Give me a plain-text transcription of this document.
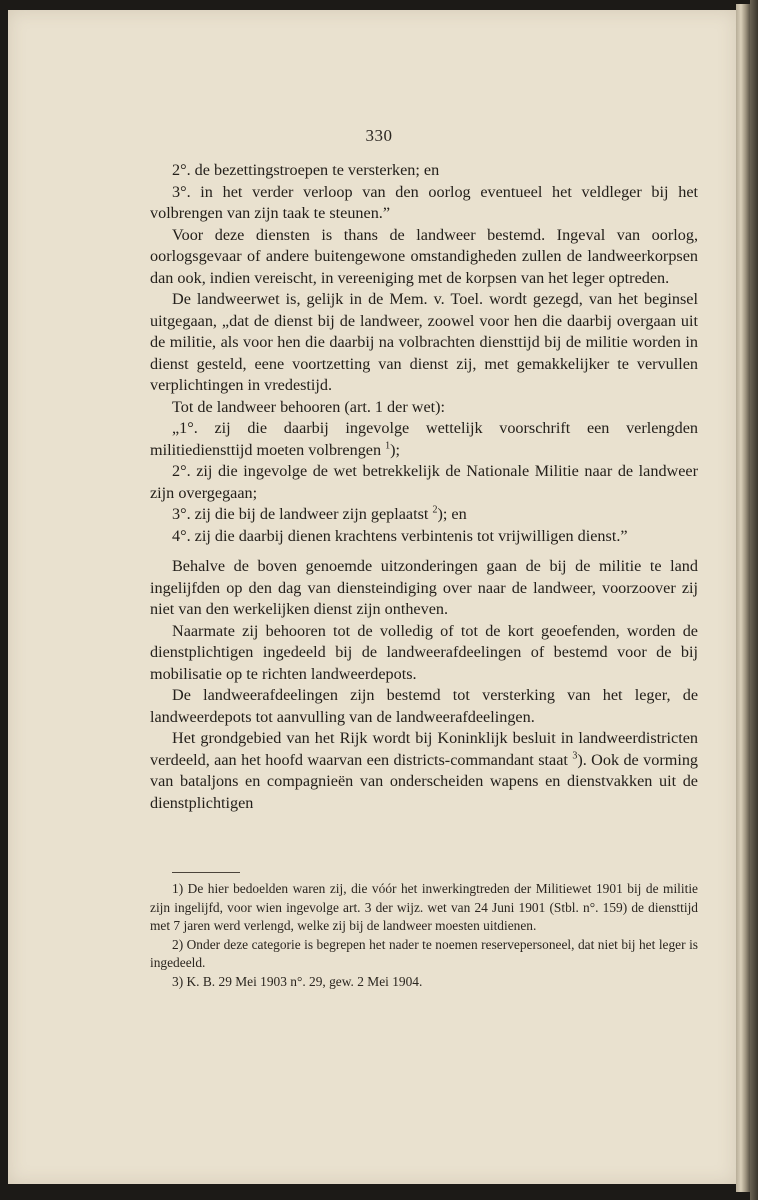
330

2°. de bezettingstroepen te versterken; en

3°. in het verder verloop van den oorlog eventueel het veldleger bij het volbrengen van zijn taak te steunen.”

Voor deze diensten is thans de landweer bestemd. Ingeval van oorlog, oorlogsgevaar of andere buitengewone omstandigheden zullen de landweerkorpsen dan ook, indien vereischt, in vereeniging met de korpsen van het leger optreden.

De landweerwet is, gelijk in de Mem. v. Toel. wordt gezegd, van het beginsel uitgegaan, „dat de dienst bij de landweer, zoowel voor hen die daarbij overgaan uit de militie, als voor hen die daarbij na volbrachten diensttijd bij de militie worden in dienst gesteld, eene voortzetting van dienst zij, met gemakkelijker te vervullen verplichtingen in vredestijd.

Tot de landweer behooren (art. 1 der wet):

„1°. zij die daarbij ingevolge wettelijk voorschrift een verlengden militiediensttijd moeten volbrengen $^1$);

2°. zij die ingevolge de wet betrekkelijk de Nationale Militie naar de landweer zijn overgegaan;

3°. zij die bij de landweer zijn geplaatst $^2$); en

4°. zij die daarbij dienen krachtens verbintenis tot vrijwilligen dienst.”

Behalve de boven genoemde uitzonderingen gaan de bij de militie te land ingelijfden op den dag van diensteindiging over naar de landweer, voorzoover zij niet van den werkelijken dienst zijn ontheven.

Naarmate zij behooren tot de volledig of tot de kort geoefenden, worden de dienstplichtigen ingedeeld bij de landweerafdeelingen of bestemd voor de bij mobilisatie op te richten landweerdepots.

De landweerafdeelingen zijn bestemd tot versterking van het leger, de landweerdepots tot aanvulling van de landweerafdeelingen.

Het grondgebied van het Rijk wordt bij Koninklijk besluit in landweerdistricten verdeeld, aan het hoofd waarvan een districts-commandant staat $^3$). Ook de vorming van bataljons en compagnieën van onderscheiden wapens en dienstvakken uit de dienstplichtigen

1) De hier bedoelden waren zij, die vóór het inwerkingtreden der Militiewet 1901 bij de militie zijn ingelijfd, voor wien ingevolge art. 3 der wijz. wet van 24 Juni 1901 (Stbl. n°. 159) de diensttijd met 7 jaren werd verlengd, welke zij bij de landweer moesten uitdienen.

2) Onder deze categorie is begrepen het nader te noemen reservepersoneel, dat niet bij het leger is ingedeeld.

3) K. B. 29 Mei 1903 n°. 29, gew. 2 Mei 1904.
